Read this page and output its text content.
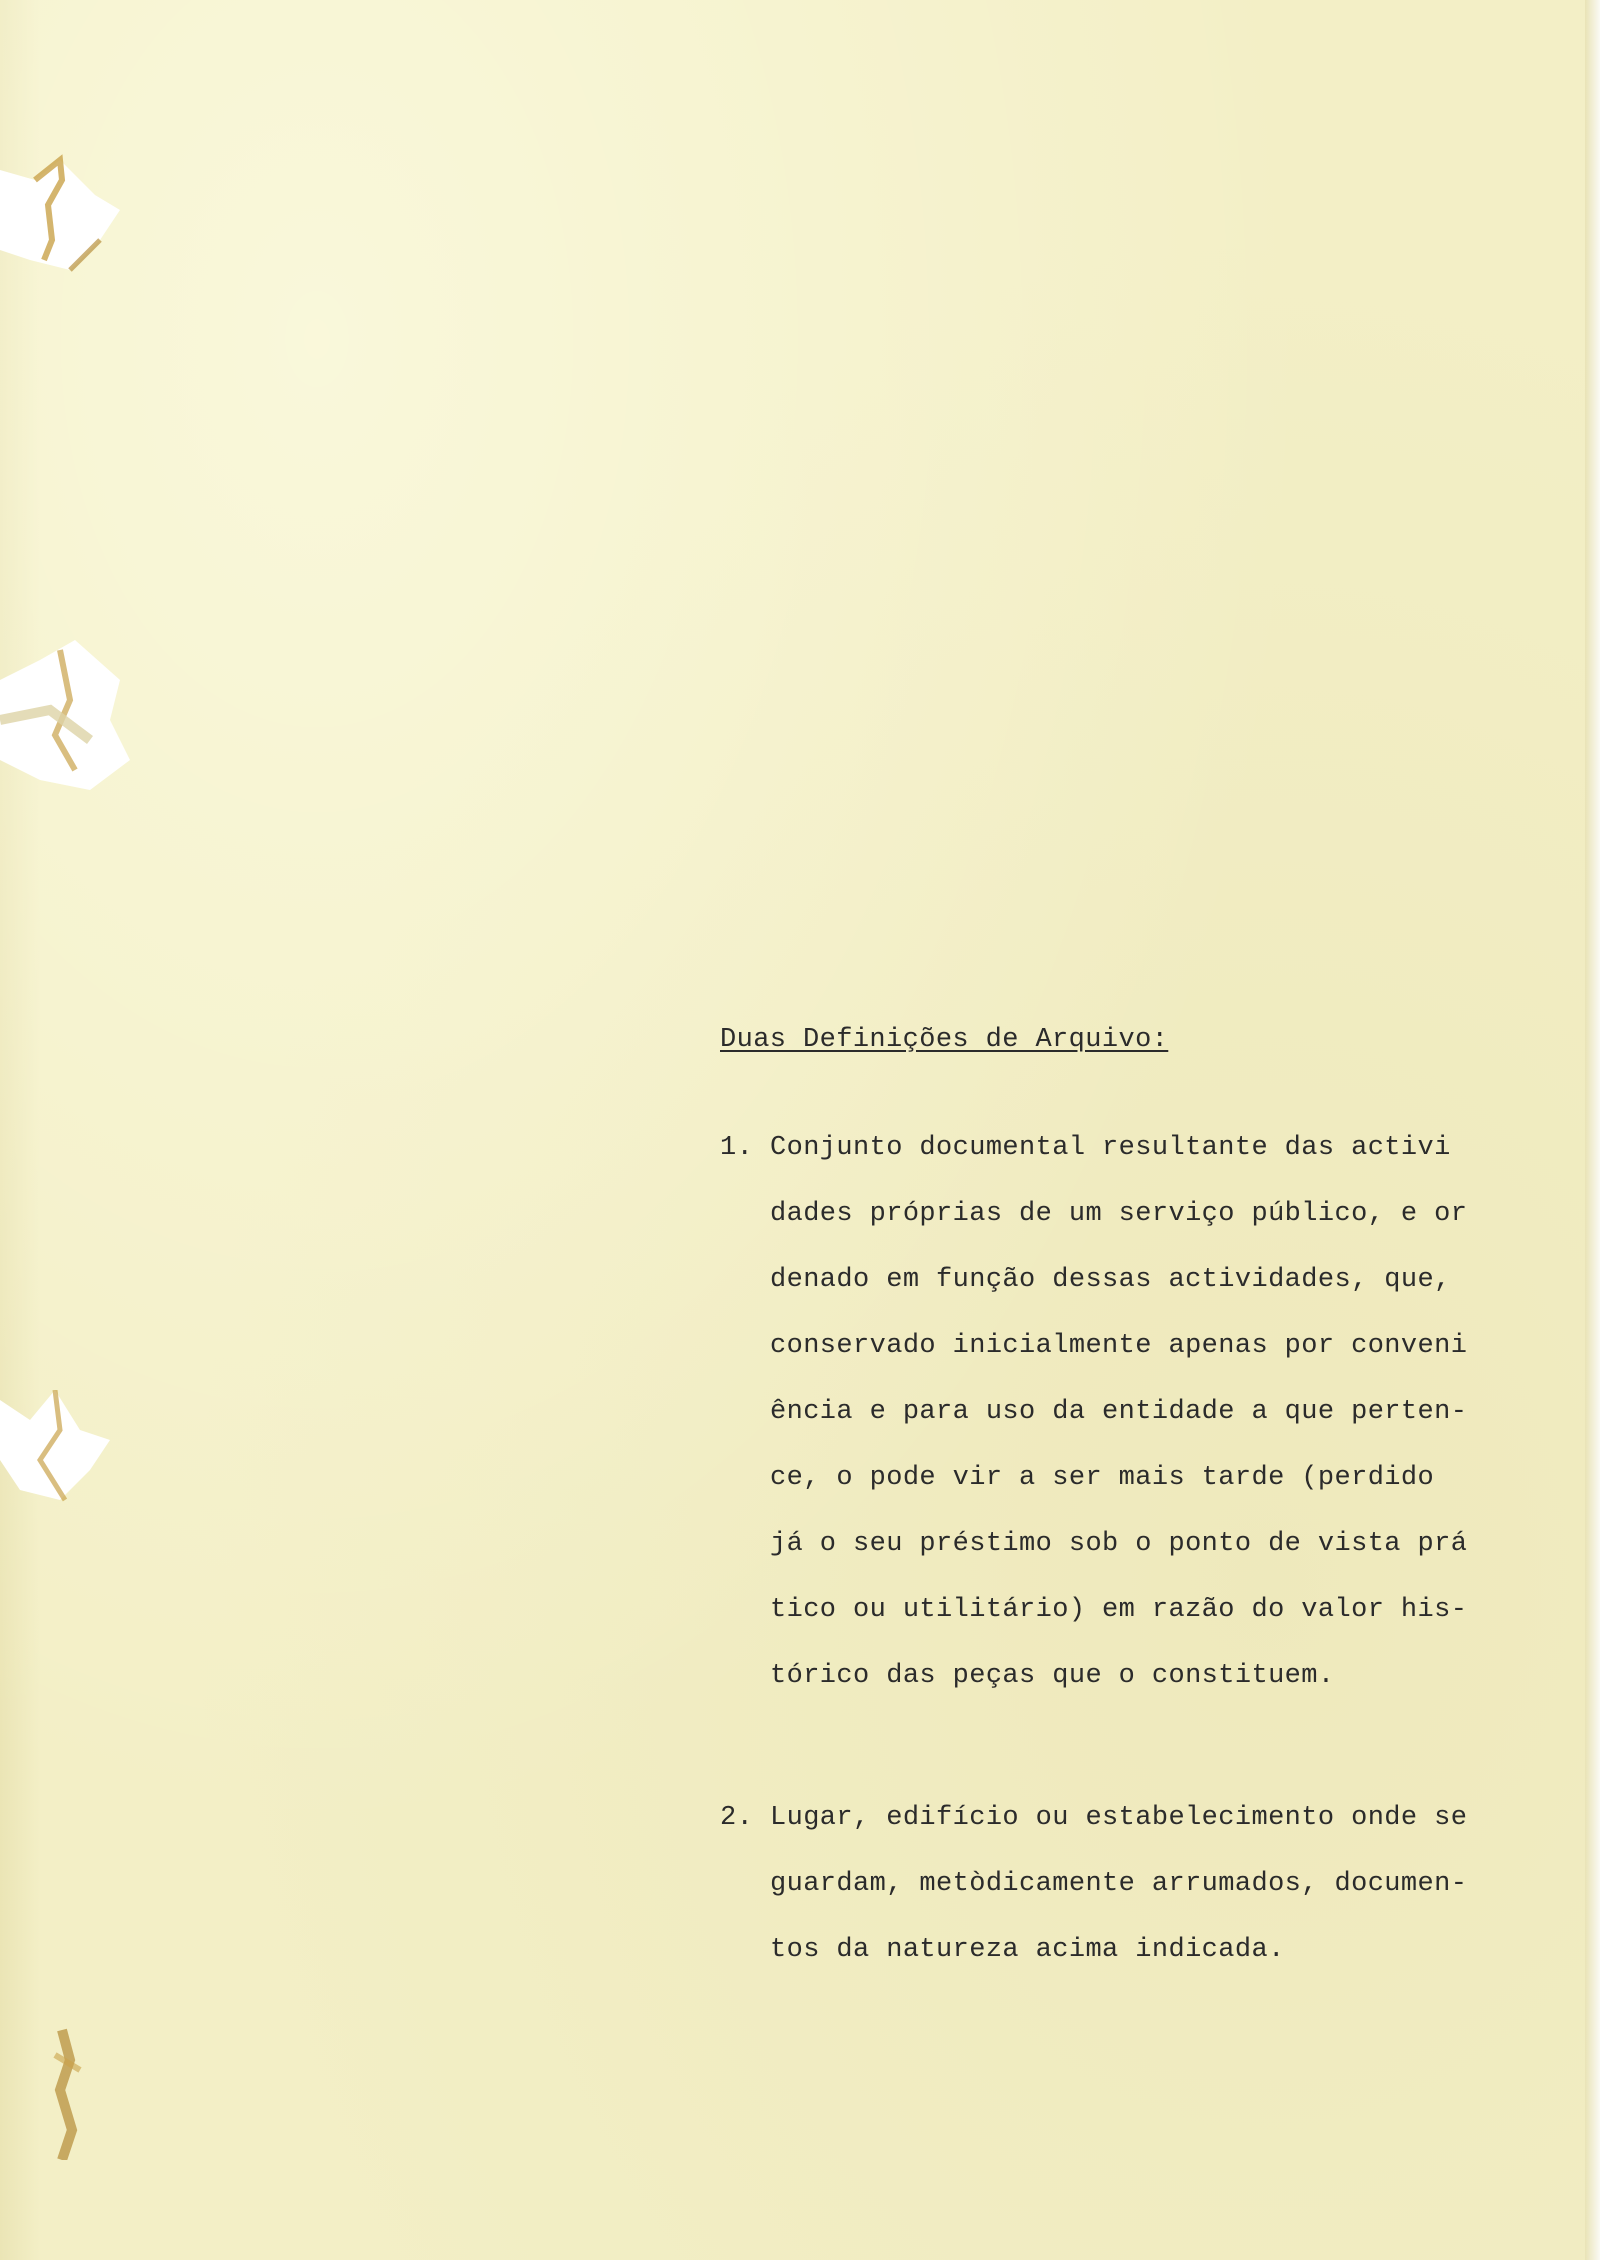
Duas Definições de Arquivo:
1. Conjunto documental resultante das activi
dades próprias de um serviço público, e or
denado em função dessas actividades, que,
conservado inicialmente apenas por conveni
ência e para uso da entidade a que perten-
ce, o pode vir a ser mais tarde (perdido
já o seu préstimo sob o ponto de vista prá
tico ou utilitário) em razão do valor his-
tórico das peças que o constituem.
2. Lugar, edifício ou estabelecimento onde se
guardam, metòdicamente arrumados, documen-
tos da natureza acima indicada.
